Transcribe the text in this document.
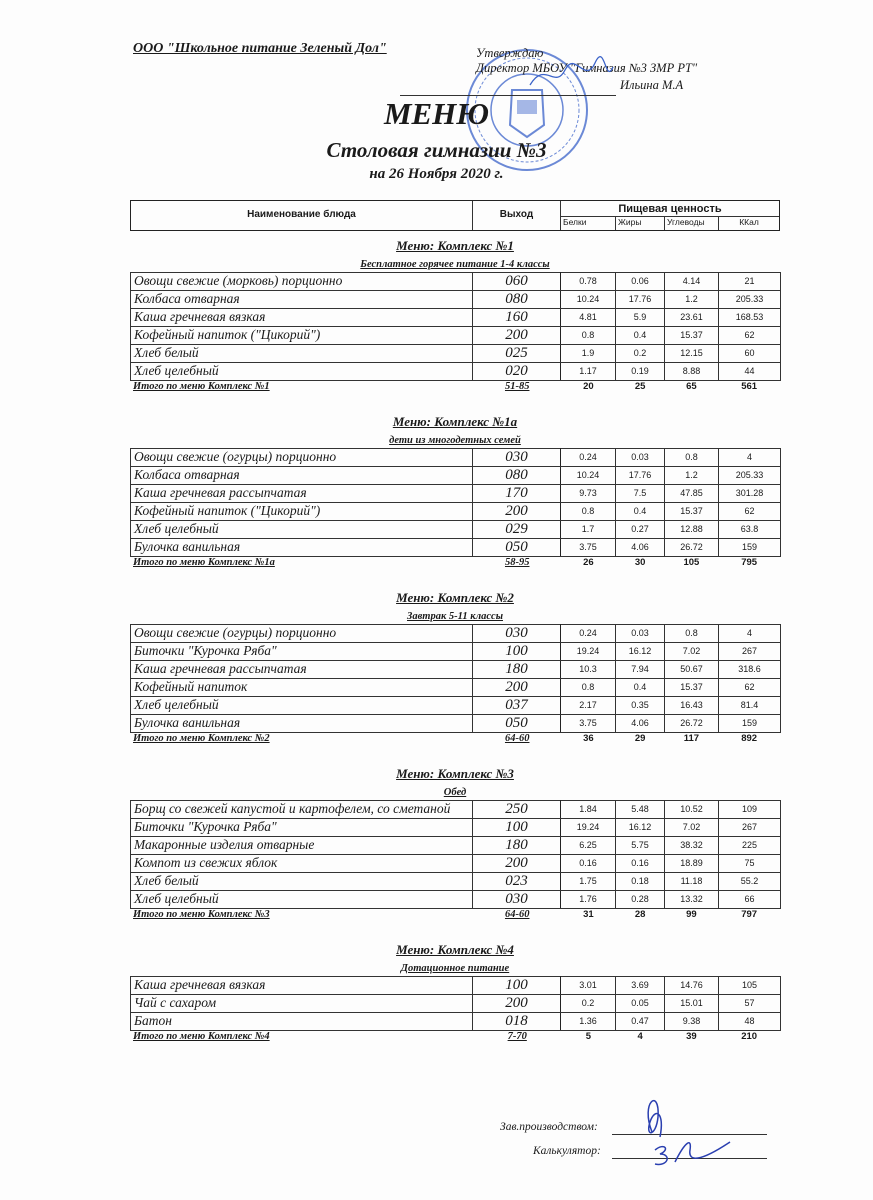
ООО "Школьное питание Зеленый Дол"	Утверждаю
Директор МБОУ "Гимназия №3 ЗМР РТ"
Ильина М.А
МЕНЮ
Столовая гимназии №3
на 26 Ноября 2020 г.
Наименование блюда	Выход	Пищевая ценность
Белки	Жиры	Углеводы	ККал
Меню: Комплекс №1
Бесплатное горячее питание 1-4 классы
Овощи свежие (морковь) порционно	060	0.78	0.06	4.14	21
Колбаса отварная	080	10.24	17.76	1.2	205.33
Каша гречневая вязкая	160	4.81	5.9	23.61	168.53
Кофейный напиток ("Цикорий")	200	0.8	0.4	15.37	62
Хлеб белый	025	1.9	0.2	12.15	60
Хлеб целебный	020	1.17	0.19	8.88	44
Итого по меню Комплекс №1	51-85	20	25	65	561
Меню: Комплекс №1а
дети из многодетных семей
Овощи свежие (огурцы) порционно	030	0.24	0.03	0.8	4
Колбаса отварная	080	10.24	17.76	1.2	205.33
Каша гречневая рассыпчатая	170	9.73	7.5	47.85	301.28
Кофейный напиток ("Цикорий")	200	0.8	0.4	15.37	62
Хлеб целебный	029	1.7	0.27	12.88	63.8
Булочка ванильная	050	3.75	4.06	26.72	159
Итого по меню Комплекс №1а	58-95	26	30	105	795
Меню: Комплекс №2
Завтрак 5-11 классы
Овощи свежие (огурцы) порционно	030	0.24	0.03	0.8	4
Биточки "Курочка Ряба"	100	19.24	16.12	7.02	267
Каша гречневая рассыпчатая	180	10.3	7.94	50.67	318.6
Кофейный напиток	200	0.8	0.4	15.37	62
Хлеб целебный	037	2.17	0.35	16.43	81.4
Булочка ванильная	050	3.75	4.06	26.72	159
Итого по меню Комплекс №2	64-60	36	29	117	892
Меню: Комплекс №3
Обед
Борщ со свежей капустой и картофелем, со сметаной	250	1.84	5.48	10.52	109
Биточки "Курочка Ряба"	100	19.24	16.12	7.02	267
Макаронные изделия отварные	180	6.25	5.75	38.32	225
Компот из свежих яблок	200	0.16	0.16	18.89	75
Хлеб белый	023	1.75	0.18	11.18	55.2
Хлеб целебный	030	1.76	0.28	13.32	66
Итого по меню Комплекс №3	64-60	31	28	99	797
Меню: Комплекс №4
Дотационное питание
Каша гречневая вязкая	100	3.01	3.69	14.76	105
Чай с сахаром	200	0.2	0.05	15.01	57
Батон	018	1.36	0.47	9.38	48
Итого по меню Комплекс №4	7-70	5	4	39	210
Зав.производством:
Калькулятор:
